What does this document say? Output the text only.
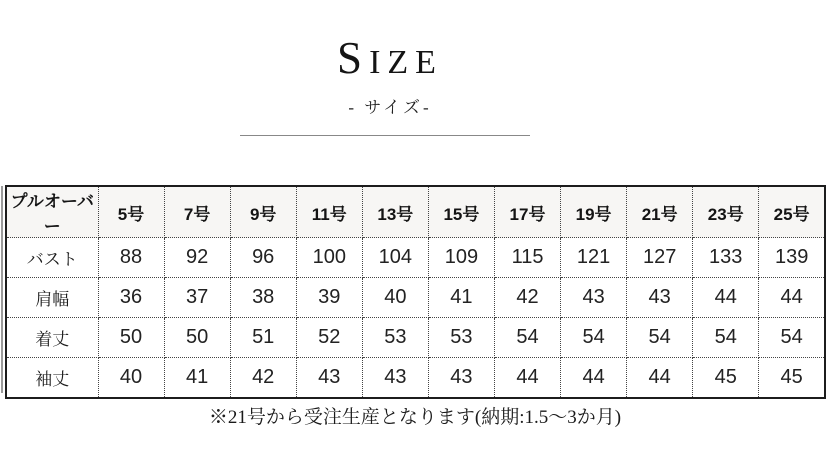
SIZE
- サイズ-
プルオーバー	5号	7号	9号	11号	13号	15号	17号	19号	21号	23号	25号
バスト	88	92	96	100	104	109	115	121	127	133	139
肩幅	36	37	38	39	40	41	42	43	43	44	44
着丈	50	50	51	52	53	53	54	54	54	54	54
袖丈	40	41	42	43	43	43	44	44	44	45	45
※21号から受注生産となります(納期:1.5〜3か月)
